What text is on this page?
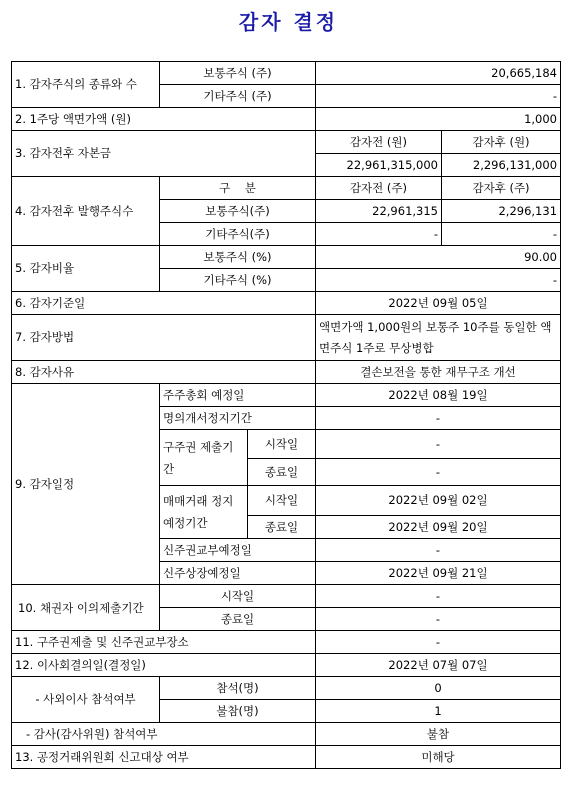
감자 결정
1. 감자주식의 종류와 수	보통주식 (주)		20,665,184	
	기타주식 (주)		-	
2. 1주당 액면가액 (원)			1,000	
3. 감자전후 자본금			감자전 (원)	감자후 (원)
			22,961,315,000	2,296,131,000
4. 감자전후 발행주식수	구    분		감자전 (주)	감자후 (주)
	보통주식(주)		22,961,315	2,296,131
	기타주식(주)		-	-
5. 감자비율	보통주식 (%)		90.00	
	기타주식 (%)		-	
6. 감자기준일			2022년 09월 05일	
7. 감자방법			액면가액 1,000원의 보통주 10주를 동일한 액면주식 1주로 무상병합	
8. 감자사유			결손보전을 통한 재무구조 개선	
9. 감자일정	주주총회 예정일		2022년 08월 19일	
	명의개서정지기간		-	
	구주권 제출기간	시작일	-	
		종료일	-	
	매매거래 정지예정기간	시작일	2022년 09월 02일	
		종료일	2022년 09월 20일	
	신주권교부예정일		-	
	신주상장예정일		2022년 09월 21일	
10. 채권자 이의제출기간	시작일		-	
	종료일		-	
11. 구주권제출 및 신주권교부장소			-	
12. 이사회결의일(결정일)			2022년 07월 07일	
- 사외이사 참석여부	참석(명)		0	
	불참(명)		1	
- 감사(감사위원) 참석여부			불참	
13. 공정거래위원회 신고대상 여부			미해당	
